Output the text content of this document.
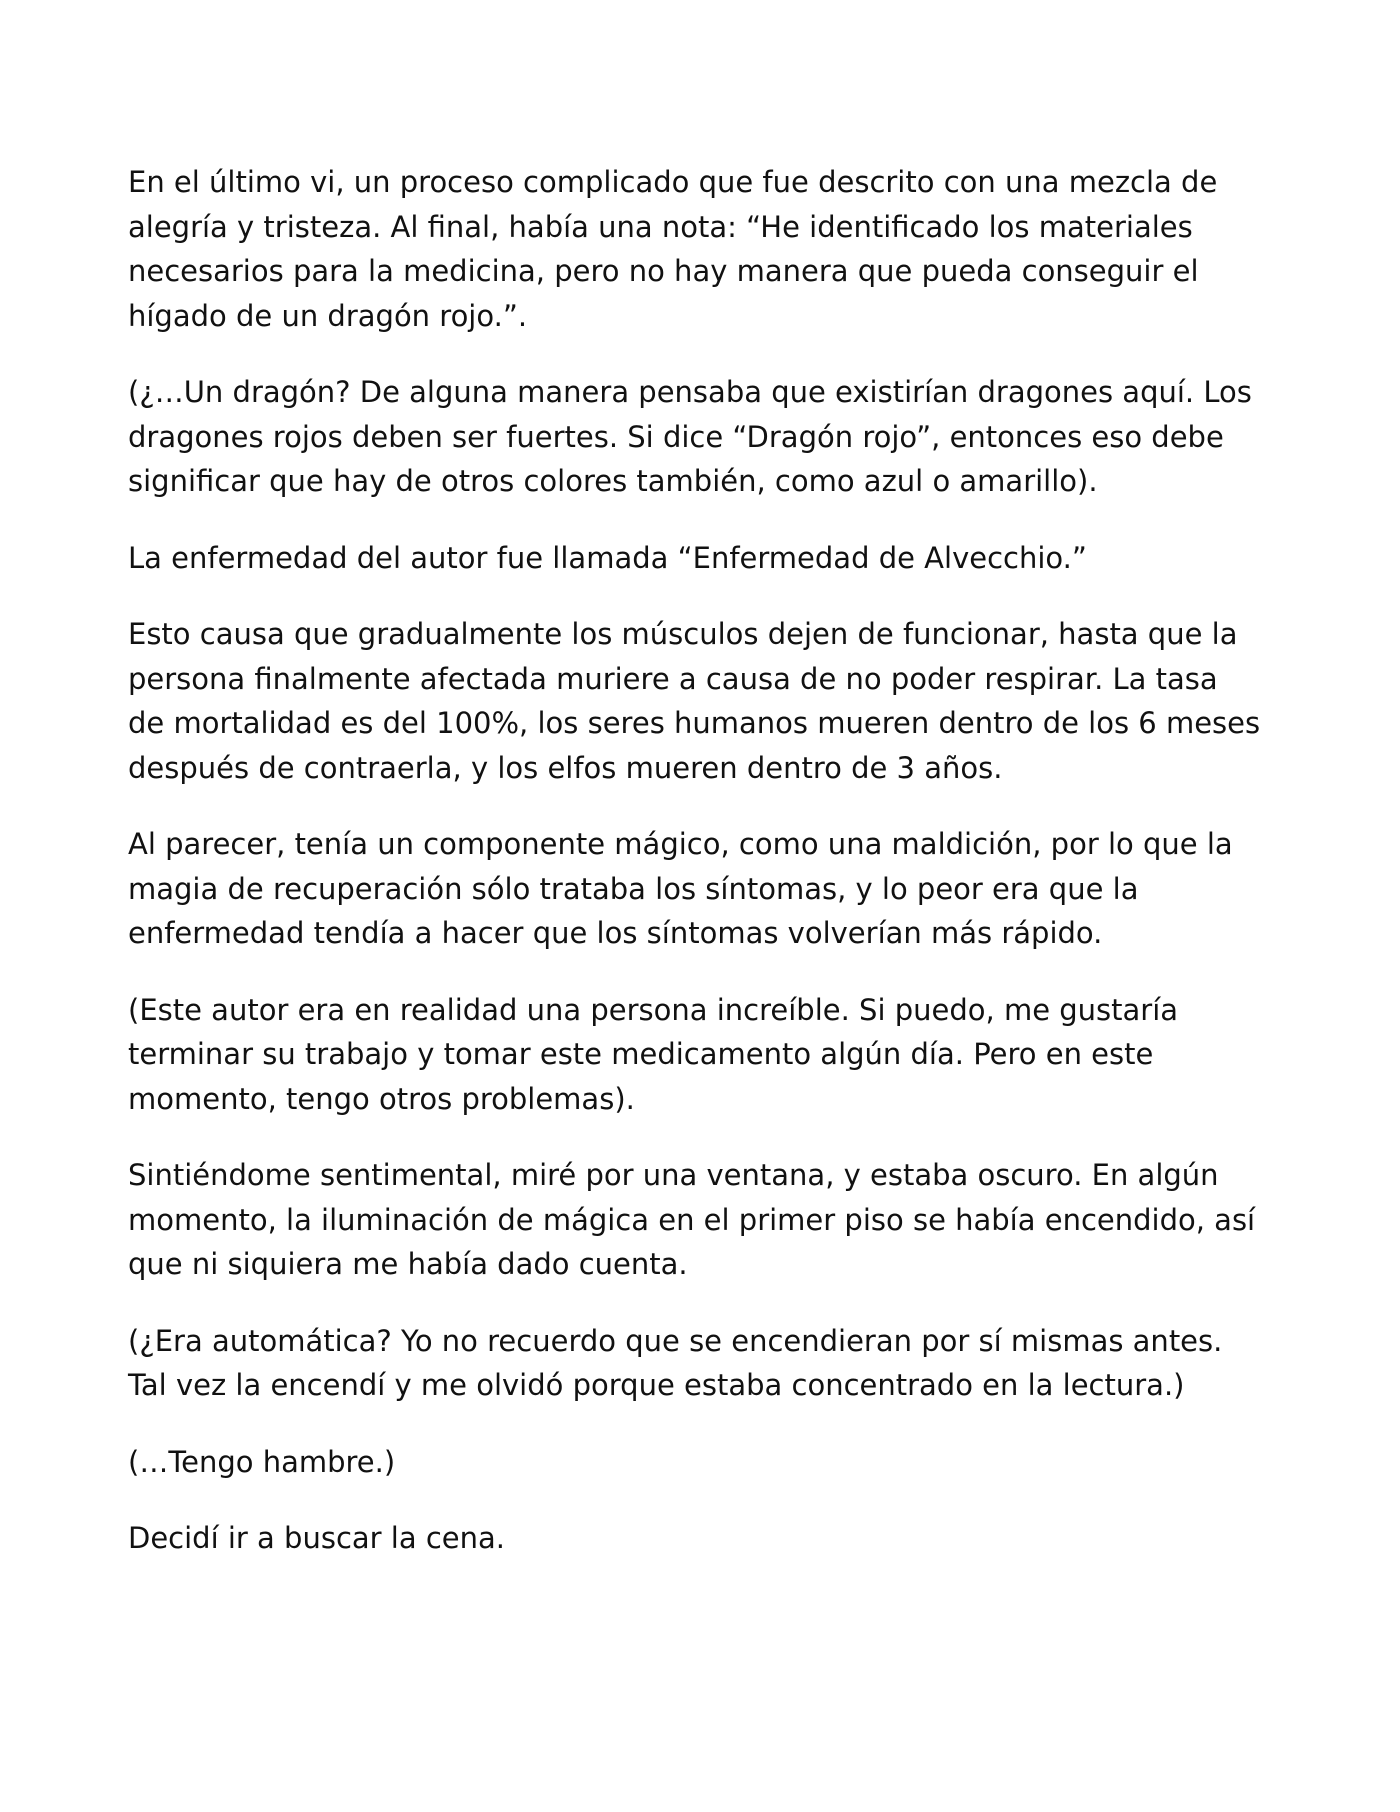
En el último vi, un proceso complicado que fue descrito con una mezcla de
alegría y tristeza. Al final, había una nota: “He identificado los materiales
necesarios para la medicina, pero no hay manera que pueda conseguir el
hígado de un dragón rojo.”.

(¿…Un dragón? De alguna manera pensaba que existirían dragones aquí. Los
dragones rojos deben ser fuertes. Si dice “Dragón rojo”, entonces eso debe
significar que hay de otros colores también, como azul o amarillo).

La enfermedad del autor fue llamada “Enfermedad de Alvecchio.”

Esto causa que gradualmente los músculos dejen de funcionar, hasta que la
persona finalmente afectada muriere a causa de no poder respirar. La tasa
de mortalidad es del 100%, los seres humanos mueren dentro de los 6 meses
después de contraerla, y los elfos mueren dentro de 3 años.

Al parecer, tenía un componente mágico, como una maldición, por lo que la
magia de recuperación sólo trataba los síntomas, y lo peor era que la
enfermedad tendía a hacer que los síntomas volverían más rápido.

(Este autor era en realidad una persona increíble. Si puedo, me gustaría
terminar su trabajo y tomar este medicamento algún día. Pero en este
momento, tengo otros problemas).

Sintiéndome sentimental, miré por una ventana, y estaba oscuro. En algún
momento, la iluminación de mágica en el primer piso se había encendido, así
que ni siquiera me había dado cuenta.

(¿Era automática? Yo no recuerdo que se encendieran por sí mismas antes.
Tal vez la encendí y me olvidó porque estaba concentrado en la lectura.)

(…Tengo hambre.)

Decidí ir a buscar la cena.
